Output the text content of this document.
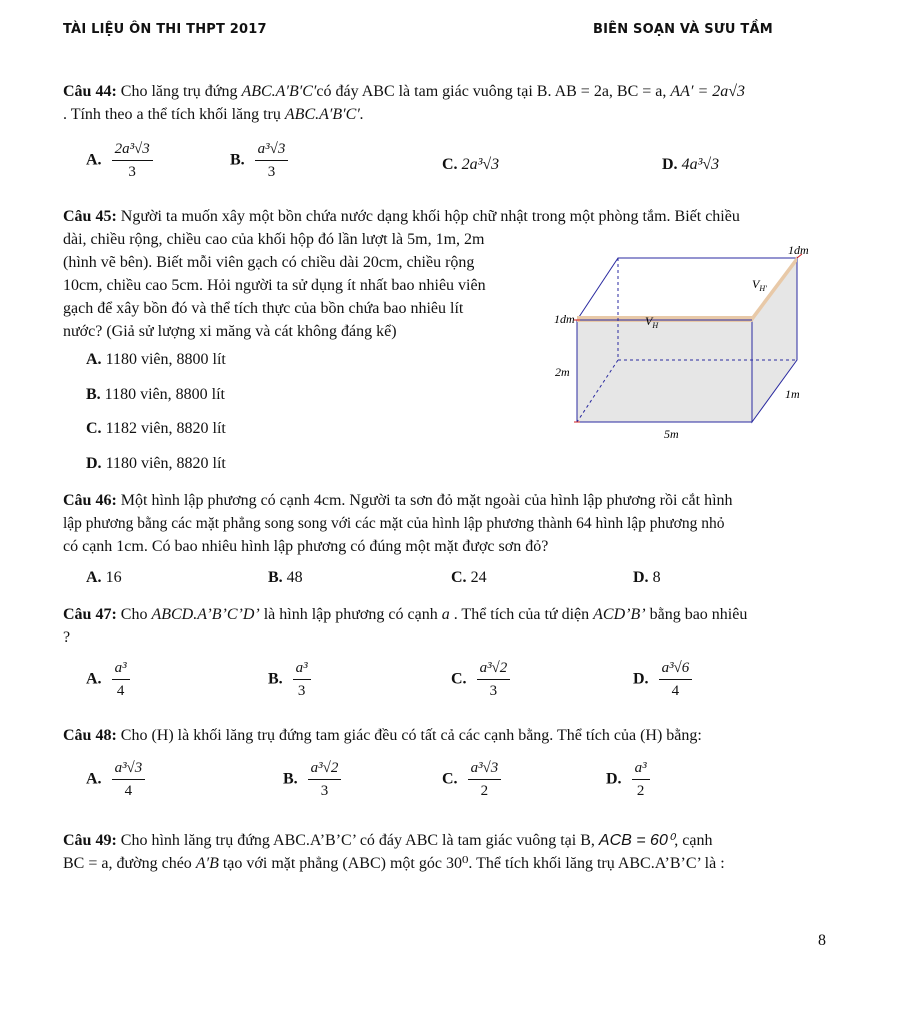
TÀI LIỆU ÔN THI THPT 2017	BIÊN SOẠN VÀ SƯU TẦM
Câu 44: Cho lăng trụ đứng ABC.A′B′C′có đáy ABC là tam giác vuông tại B. AB = 2a, BC = a, AA′ = 2a√3
. Tính theo a thể tích khối lăng trụ ABC.A′B′C′.
A. $\frac{\text{2a³√3}}{3}$	B. $\frac{\text{a³√3}}{3}$	C. 2a³√3	D. 4a³√3
Câu 45: Người ta muốn xây một bồn chứa nước dạng khối hộp chữ nhật trong một phòng tắm. Biết chiều
dài, chiều rộng, chiều cao của khối hộp đó lần lượt là 5m, 1m, 2m
(hình vẽ bên). Biết mỗi viên gạch có chiều dài 20cm, chiều rộng
10cm, chiều cao 5cm. Hỏi người ta sử dụng ít nhất bao nhiêu viên
gạch để xây bồn đó và thể tích thực của bồn chứa bao nhiêu lít
nước? (Giả sử lượng xi măng và cát không đáng kể)
A. 1180 viên, 8800 lít
B. 1180 viên, 8800 lít
C. 1182 viên, 8820 lít
D. 1180 viên, 8820 lít
1dm
$V_{H'}$
1dm	$V_H$
2m
1m
5m
Câu 46: Một hình lập phương có cạnh 4cm. Người ta sơn đỏ mặt ngoài của hình lập phương rồi cắt hình
lập phương bằng các mặt phẳng song song với các mặt của hình lập phương thành 64 hình lập phương nhỏ
có cạnh 1cm. Có bao nhiêu hình lập phương có đúng một mặt được sơn đỏ?
A. 16	B. 48	C. 24	D. 8
Câu 47: Cho ABCD.A’B’C’D’ là hình lập phương có cạnh a . Thể tích của tứ diện ACD’B’ bằng bao nhiêu
?
A. $\frac{\text{a³}}{4}$	B. $\frac{\text{a³}}{3}$	C. $\frac{\text{a³√2}}{3}$	D. $\frac{\text{a³√6}}{4}$
Câu 48: Cho (H) là khối lăng trụ đứng tam giác đều có tất cả các cạnh bằng. Thể tích của (H) bằng:
A. $\frac{\text{a³√3}}{4}$	B. $\frac{\text{a³√2}}{3}$	C. $\frac{\text{a³√3}}{2}$	D. $\frac{\text{a³}}{2}$
Câu 49: Cho hình lăng trụ đứng ABC.A’B’C’ có đáy ABC là tam giác vuông tại B, ACB = 60⁰, cạnh
BC = a, đường chéo A′B tạo với mặt phẳng (ABC) một góc 30⁰. Thể tích khối lăng trụ ABC.A’B’C’ là :
8
